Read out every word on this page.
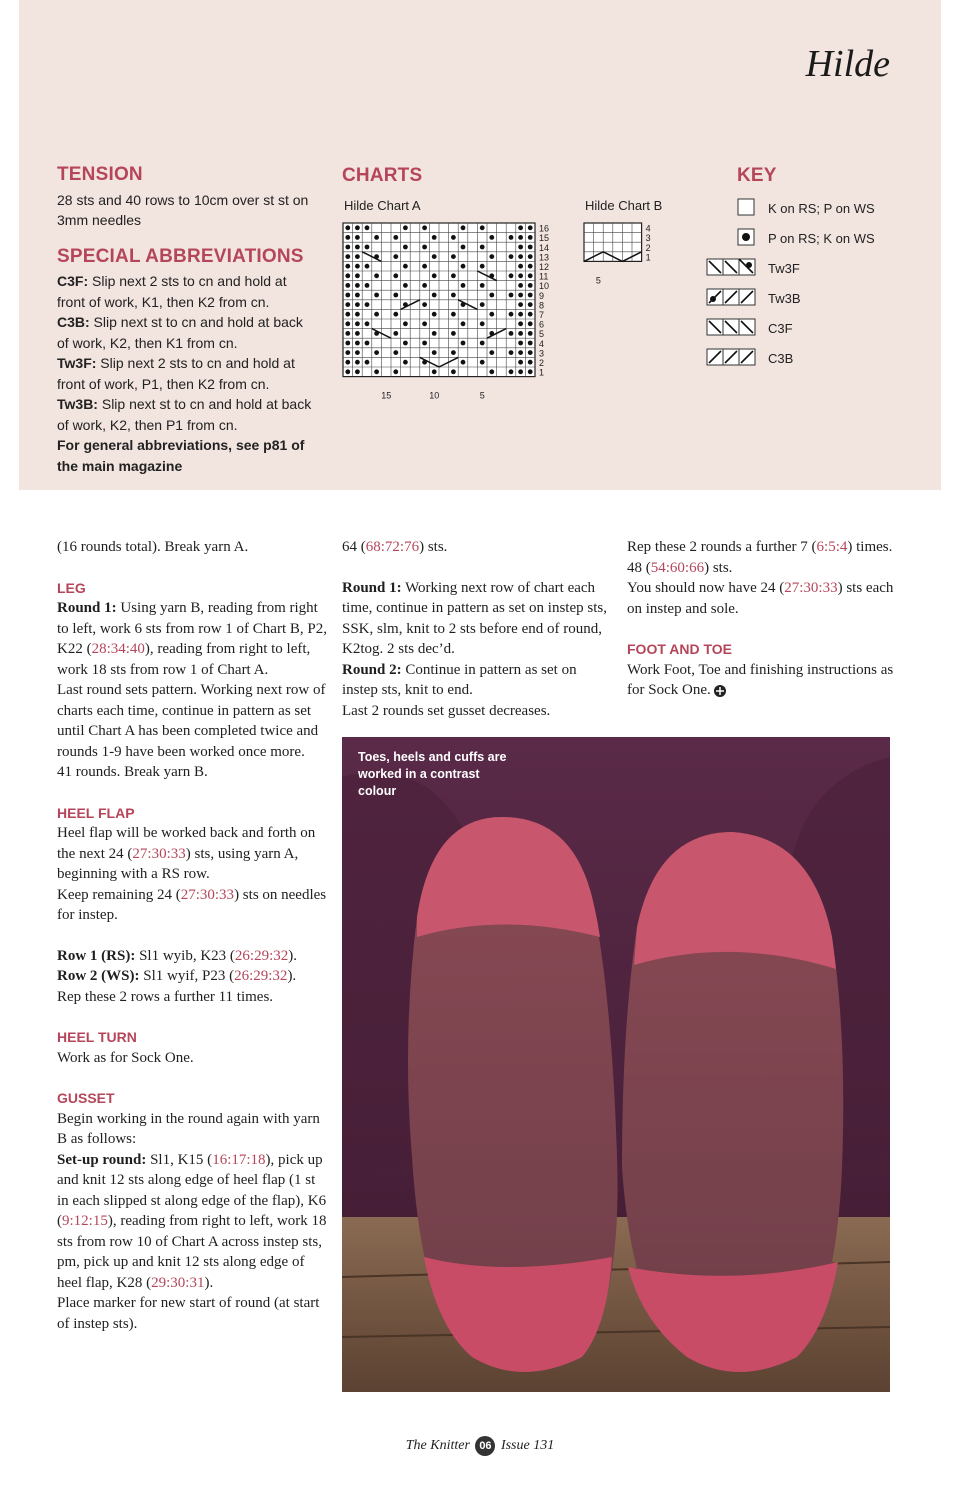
Hilde
TENSION

28 sts and 40 rows to 10cm over st st on 3mm needles

SPECIAL ABBREVIATIONS

C3F: Slip next 2 sts to cn and hold at front of work, K1, then K2 from cn.

C3B: Slip next st to cn and hold at back of work, K2, then K1 from cn.

Tw3F: Slip next 2 sts to cn and hold at front of work, P1, then K2 from cn.

Tw3B: Slip next st to cn and hold at back of work, K2, then P1 from cn.

For general abbreviations, see p81 of the main magazine

CHARTS
Hilde Chart A	Hilde Chart B
16
15
14
13
12
11
10
9
8
7
6
5
4
3
2
1
15	10	5
4
3
2
1
5
KEY
K on RS; P on WS
P on RS; K on WS
Tw3F
Tw3B
C3F
C3B

(16 rounds total). Break yarn A.

LEG

Round 1: Using yarn B, reading from right to left, work 6 sts from row 1 of Chart B, P2, K22 (28:34:40), reading from right to left, work 18 sts from row 1 of Chart A.

Last round sets pattern. Working next row of charts each time, continue in pattern as set until Chart A has been completed twice and rounds 1-9 have been worked once more.

41 rounds. Break yarn B.

HEEL FLAP

Heel flap will be worked back and forth on the next 24 (27:30:33) sts, using yarn A, beginning with a RS row.

Keep remaining 24 (27:30:33) sts on needles for instep.

Row 1 (RS): Sl1 wyib, K23 (26:29:32).

Row 2 (WS): Sl1 wyif, P23 (26:29:32).

Rep these 2 rows a further 11 times.

HEEL TURN

Work as for Sock One.

GUSSET

Begin working in the round again with yarn B as follows:

Set-up round: Sl1, K15 (16:17:18), pick up and knit 12 sts along edge of heel flap (1 st in each slipped st along edge of the flap), K6 (9:12:15), reading from right to left, work 18 sts from row 10 of Chart A across instep sts, pm, pick up and knit 12 sts along edge of heel flap, K28 (29:30:31).

Place marker for new start of round (at start of instep sts).

64 (68:72:76) sts.

Round 1: Working next row of chart each time, continue in pattern as set on instep sts, SSK, slm, knit to 2 sts before end of round, K2tog. 2 sts dec’d.

Round 2: Continue in pattern as set on instep sts, knit to end.

Last 2 rounds set gusset decreases.

Rep these 2 rounds a further 7 (6:5:4) times.

48 (54:60:66) sts.

You should now have 24 (27:30:33) sts each on instep and sole.

FOOT AND TOE

Work Foot, Toe and finishing instructions as for Sock One.

Toes, heels and cuffs are worked in a contrast colour
The Knitter 06 Issue 131
